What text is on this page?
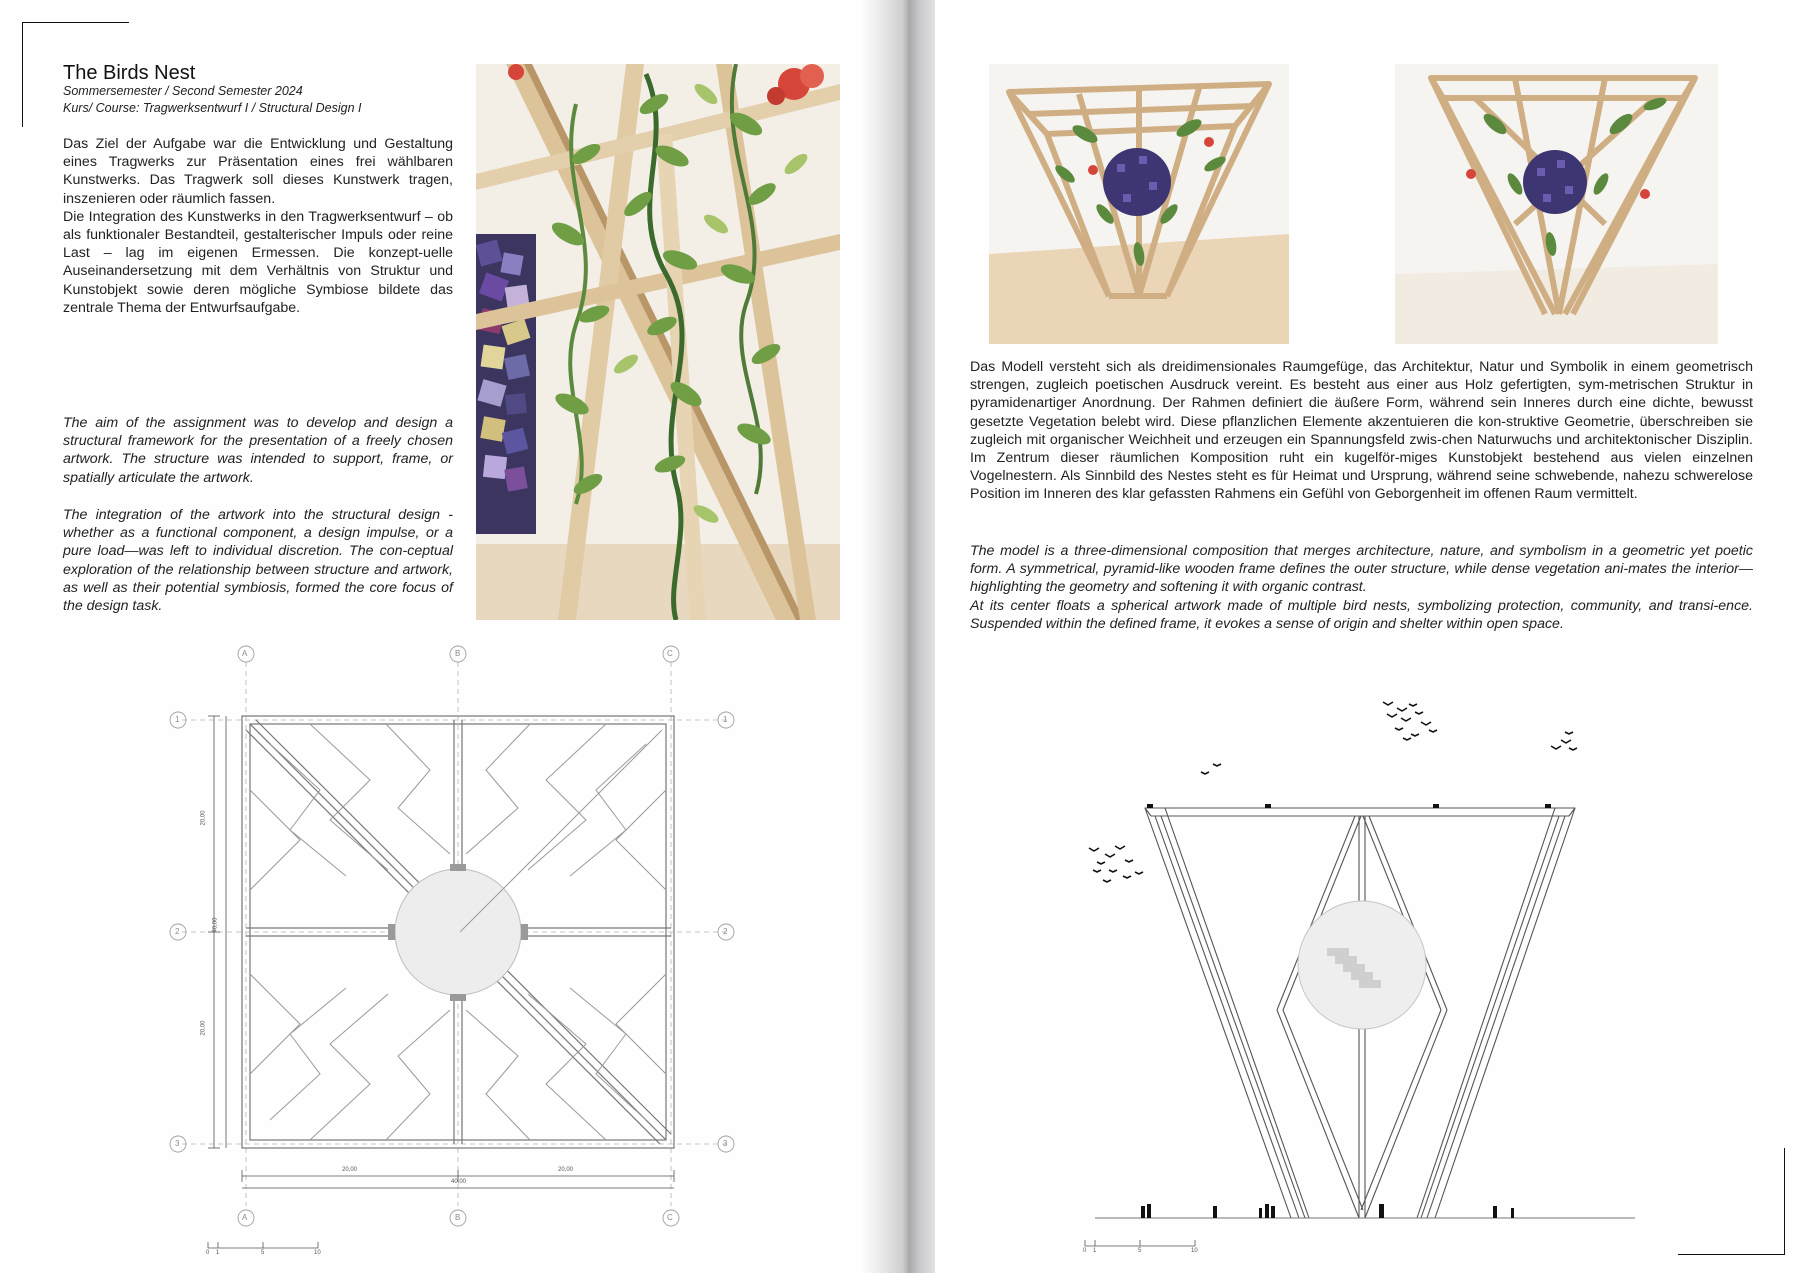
The Birds Nest
Sommersemester / Second Semester 2024
Kurs/ Course: Tragwerksentwurf I / Structural Design I

Das Ziel der Aufgabe war die Entwicklung und Gestaltung eines Tragwerks zur Präsentation eines frei wählbaren Kunstwerks. Das Tragwerk soll dieses Kunstwerk tragen, inszenieren oder räumlich fassen.
Die Integration des Kunstwerks in den Tragwerksentwurf – ob als funktionaler Bestandteil, gestalterischer Impuls oder reine Last – lag im eigenen Ermessen. Die konzept-uelle Auseinandersetzung mit dem Verhältnis von Struktur und Kunstobjekt sowie deren mögliche Symbiose bildete das zentrale Thema der Entwurfsaufgabe.

The aim of the assignment was to develop and design a structural framework for the presentation of a freely chosen artwork. The structure was intended to support, frame, or spatially articulate the artwork.

The integration of the artwork into the structural design - whether as a functional component, a design impulse, or a pure load—was left to individual discretion. The con-ceptual exploration of the relationship between structure and artwork, as well as their potential symbiosis, formed the core focus of the design task.

A	B	C
A	B	C
1
2
3
1
2
3
20,00
20,00
40,00
20,00	20,00
40,00
0 1	5	10

Das Modell versteht sich als dreidimensionales Raumgefüge, das Architektur, Natur und Symbolik in einem geometrisch strengen, zugleich poetischen Ausdruck vereint. Es besteht aus einer aus Holz gefertigten, sym-metrischen Struktur in pyramidenartiger Anordnung. Der Rahmen definiert die äußere Form, während sein Inneres durch eine dichte, bewusst gesetzte Vegetation belebt wird. Diese pflanzlichen Elemente akzentuieren die kon-struktive Geometrie, überschreiben sie zugleich mit organischer Weichheit und erzeugen ein Spannungsfeld zwis-chen Naturwuchs und architektonischer Disziplin. Im Zentrum dieser räumlichen Komposition ruht ein kugelför-miges Kunstobjekt bestehend aus vielen einzelnen Vogelnestern. Als Sinnbild des Nestes steht es für Heimat und Ursprung, während seine schwebende, nahezu schwerelose Position im Inneren des klar gefassten Rahmens ein Gefühl von Geborgenheit im offenen Raum vermittelt.

The model is a three-dimensional composition that merges architecture, nature, and symbolism in a geometric yet poetic form. A symmetrical, pyramid-like wooden frame defines the outer structure, while dense vegetation ani-mates the interior—highlighting the geometry and softening it with organic contrast.
At its center floats a spherical artwork made of multiple bird nests, symbolizing protection, community, and transi-ence. Suspended within the defined frame, it evokes a sense of origin and shelter within open space.

0 1	5	10
